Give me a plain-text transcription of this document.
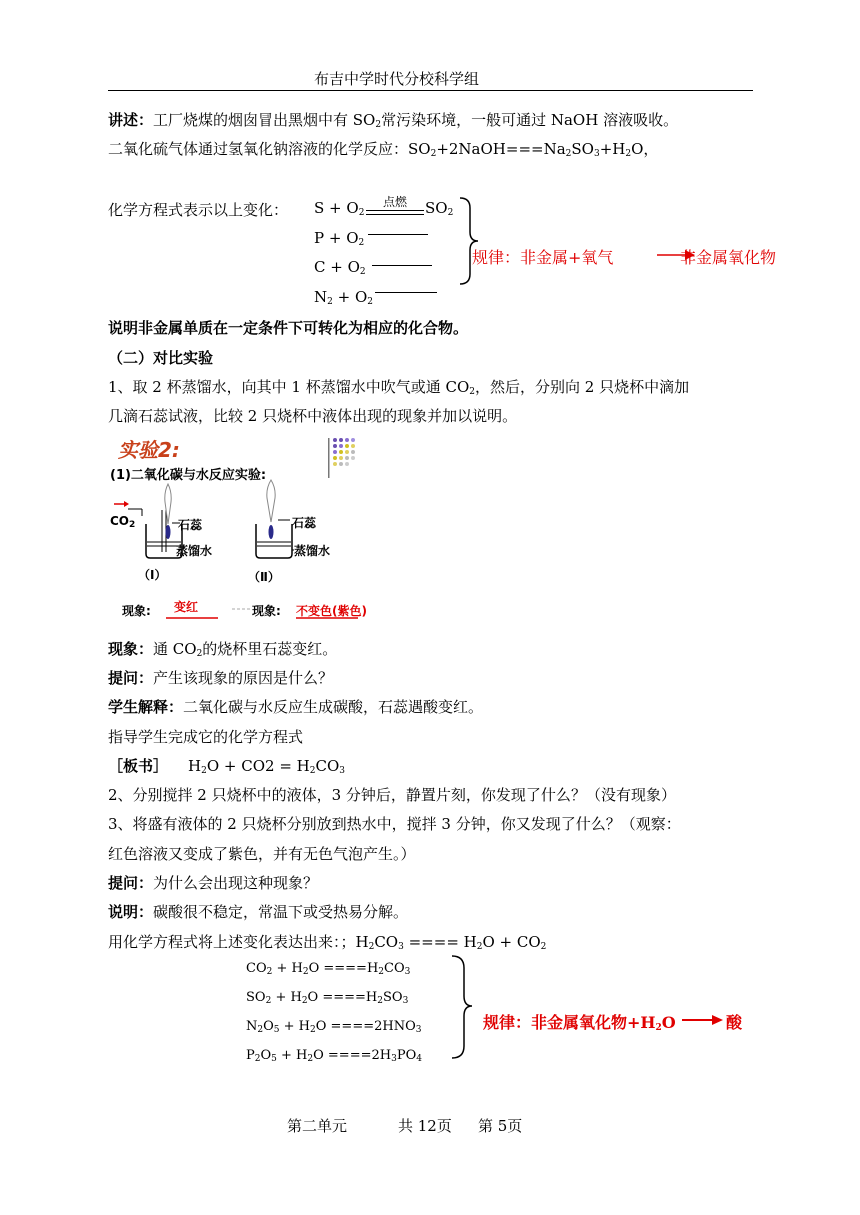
布吉中学时代分校科学组
讲述：工厂烧煤的烟囱冒出黑烟中有 $SO_2$常污染环境，一般可通过 NaOH 溶液吸收。
二氧化硫气体通过氢氧化钠溶液的化学反应：$SO_2+2NaOH===Na_2SO_3+H_2O$，
化学方程式表示以上变化： $S + O_2$
点燃 $SO_2$
$P + O_2$
$C + O_2$
$N_2 + O_2$
规律：非金属+氧气	非金属氧化物
说明非金属单质在一定条件下可转化为相应的化合物。
（二）对比实验
1、取 2 杯蒸馏水，向其中 1 杯蒸馏水中吹气或通 $CO_2$，然后，分别向 2 只烧杯中滴加
几滴石蕊试液，比较 2 只烧杯中液体出现的现象并加以说明。
实验2:
(1)二氧化碳与水反应实验:
$CO_2$	石蕊
蒸馏水
石蕊
蒸馏水
（Ⅰ）	（Ⅱ）
现象: 变红	现象: 不变色(紫色)
现象：通 $CO_2$的烧杯里石蕊变红。
提问：产生该现象的原因是什么？
学生解释：二氧化碳与水反应生成碳酸，石蕊遇酸变红。
指导学生完成它的化学方程式
［板书］ $H_2O + CO2 = H_2CO_3$
2、分别搅拌 2 只烧杯中的液体，3 分钟后，静置片刻，你发现了什么？（没有现象）
3、将盛有液体的 2 只烧杯分别放到热水中，搅拌 3 分钟，你又发现了什么？（观察：
红色溶液又变成了紫色，并有无色气泡产生。）
提问：为什么会出现这种现象？
说明：碳酸很不稳定，常温下或受热易分解。
用化学方程式将上述变化表达出来：；$H_2CO_3$ ==== $H_2O + CO_2$
$CO_2 + H_2O ====H_2CO_3$
$SO_2 + H_2O ====H_2SO_3$
$N_2O_5 + H_2O ====2HNO_3$
$P_2O_5 + H_2O ====2H_3PO_4$
规律：非金属氧化物$+H_2O$	酸
第二单元	共 12页 第 5页
